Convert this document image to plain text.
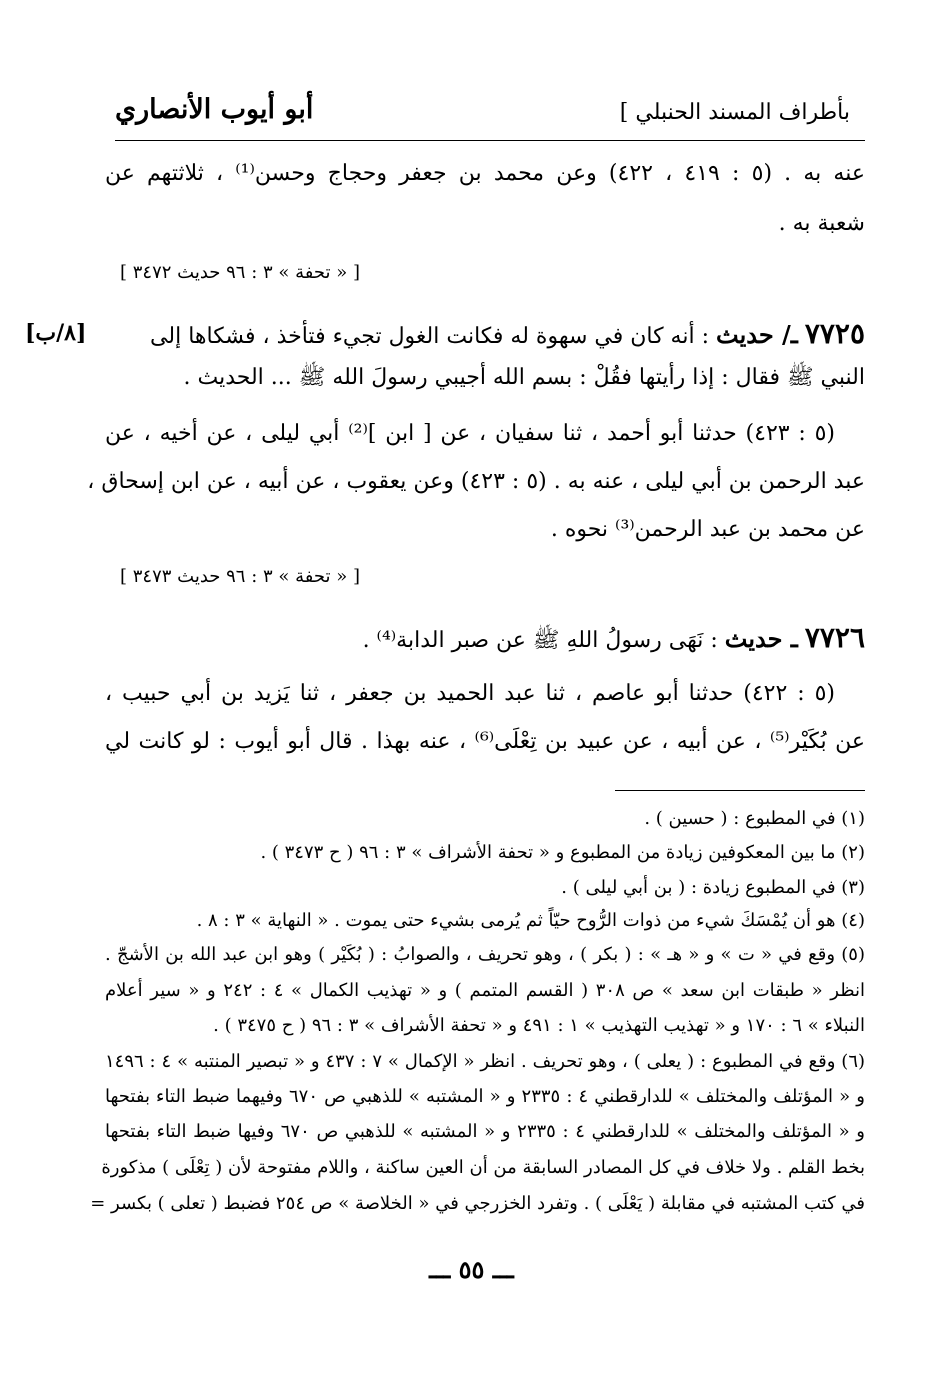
بأطراف المسند الحنبلي ]
أبو أيوب الأنصاري
عنه به . (٥ : ٤١٩ ، ٤٢٢) وعن محمد بن جعفر وحجاج وحسن⁽¹⁾ ، ثلاثتهم عن
شعبة به .
[ « تحفة » ٣ : ٩٦ حديث ٣٤٧٢ ]
[٨/ب]	٧٧٢٥ ـ/ حديث : أنه كان في سهوة له فكانت الغول تجيء فتأخذ ، فشكاها إلى
النبي ﷺ فقال : إذا رأيتها فقُلْ : بسم الله أجيبي رسولَ الله ﷺ ... الحديث .
(٥ : ٤٢٣) حدثنا أبو أحمد ، ثنا سفيان ، عن [ ابن ]⁽²⁾ أبي ليلى ، عن أخيه ، عن
عبد الرحمن بن أبي ليلى ، عنه به . (٥ : ٤٢٣) وعن يعقوب ، عن أبيه ، عن ابن إسحاق ،
عن محمد بن عبد الرحمن⁽³⁾ نحوه .
[ « تحفة » ٣ : ٩٦ حديث ٣٤٧٣ ]
٧٧٢٦ ـ حديث : نَهَى رسولُ اللهِ ﷺ عن صبر الدابة⁽⁴⁾ .
(٥ : ٤٢٢) حدثنا أبو عاصم ، ثنا عبد الحميد بن جعفر ، ثنا يَزيد بن أبي حبيب ،
عن بُكَيْر⁽⁵⁾ ، عن أبيه ، عن عبيد بن تِعْلَى⁽⁶⁾ ، عنه بهذا . قال أبو أيوب : لو كانت لي
(١) في المطبوع : ( حسين ) .
(٢) ما بين المعكوفين زيادة من المطبوع و « تحفة الأشراف » ٣ : ٩٦ ( ح ٣٤٧٣ ) .
(٣) في المطبوع زيادة : ( بن أبي ليلى ) .
(٤) هو أن يُمْسَكَ شيء من ذوات الرُّوح حيّاً ثم يُرمى بشيء حتى يموت . « النهاية » ٣ : ٨ .
(٥) وقع في « ت » و « هـ » : ( بكر ) ، وهو تحريف ، والصوابُ : ( بُكَيْر ) وهو ابن عبد الله بن الأشجّ .
انظر « طبقات ابن سعد » ص ٣٠٨ ( القسم المتمم ) و « تهذيب الكمال » ٤ : ٢٤٢ و « سير أعلام
النبلاء » ٦ : ١٧٠ و « تهذيب التهذيب » ١ : ٤٩١ و « تحفة الأشراف » ٣ : ٩٦ ( ح ٣٤٧٥ ) .
(٦) وقع في المطبوع : ( يعلى ) ، وهو تحريف . انظر « الإكمال » ٧ : ٤٣٧ و « تبصير المنتبه » ٤ : ١٤٩٦
و « المؤتلف والمختلف » للدارقطني ٤ : ٢٣٣٥ و « المشتبه » للذهبي ص ٦٧٠ وفيهما ضبط التاء بفتحها
و « المؤتلف والمختلف » للدارقطني ٤ : ٢٣٣٥ و « المشتبه » للذهبي ص ٦٧٠ وفيها ضبط التاء بفتحها
بخط القلم . ولا خلاف في كل المصادر السابقة من أن العين ساكنة ، واللام مفتوحة لأن ( تِعْلَى ) مذكورة
في كتب المشتبه في مقابلة ( يَعْلَى ) . وتفرد الخزرجي في « الخلاصة » ص ٢٥٤ فضبط ( تعلى ) بكسر =
ـــ ٥٥ ـــ
